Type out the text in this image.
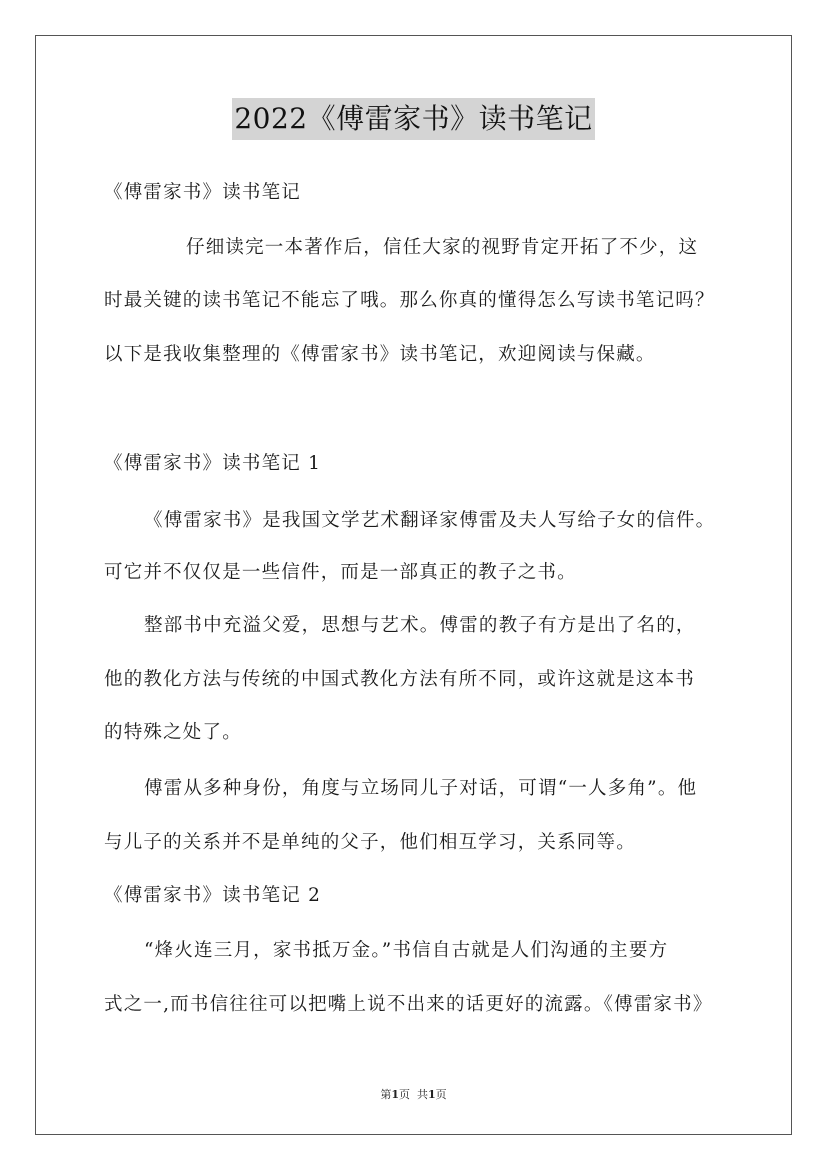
2022《傅雷家书》读书笔记
《傅雷家书》读书笔记
仔细读完一本著作后，信任大家的视野肯定开拓了不少，这
时最关键的读书笔记不能忘了哦。那么你真的懂得怎么写读书笔记吗？
以下是我收集整理的《傅雷家书》读书笔记，欢迎阅读与保藏。
《傅雷家书》读书笔记 1
《傅雷家书》是我国文学艺术翻译家傅雷及夫人写给子女的信件。
可它并不仅仅是一些信件，而是一部真正的教子之书。
整部书中充溢父爱，思想与艺术。傅雷的教子有方是出了名的，
他的教化方法与传统的中国式教化方法有所不同，或许这就是这本书
的特殊之处了。
傅雷从多种身份，角度与立场同儿子对话，可谓“一人多角”。他
与儿子的关系并不是单纯的父子，他们相互学习，关系同等。
《傅雷家书》读书笔记 2
“烽火连三月，家书抵万金。”书信自古就是人们沟通的主要方
式之一,而书信往往可以把嘴上说不出来的话更好的流露。《傅雷家书》
第1页 共1页
